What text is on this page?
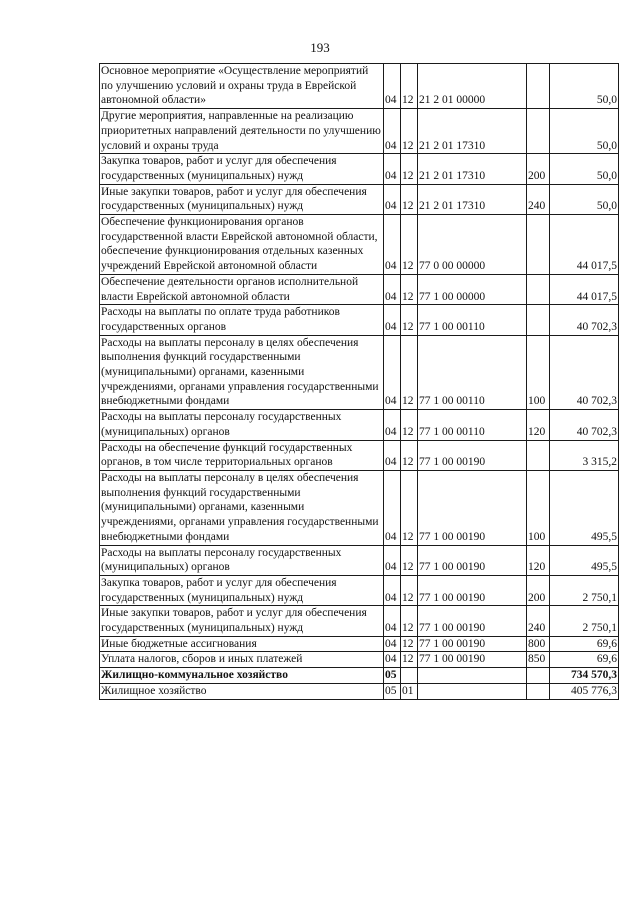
193
Основное мероприятие «Осуществление мероприятий по улучшению условий и охраны труда в Еврейской автономной области»	04	12	21 2 01 00000		50,0
Другие мероприятия, направленные на реализацию приоритетных направлений деятельности по улучшению условий и охраны труда	04	12	21 2 01 17310		50,0
Закупка товаров, работ и услуг для обеспечения государственных (муниципальных) нужд	04	12	21 2 01 17310	200	50,0
Иные закупки товаров, работ и услуг для обеспечения государственных (муниципальных) нужд	04	12	21 2 01 17310	240	50,0
Обеспечение функционирования органов государственной власти Еврейской автономной области, обеспечение функционирования отдельных казенных учреждений Еврейской автономной области	04	12	77 0 00 00000		44 017,5
Обеспечение деятельности органов исполнительной власти Еврейской автономной области	04	12	77 1 00 00000		44 017,5
Расходы на выплаты по оплате труда работников государственных органов	04	12	77 1 00 00110		40 702,3
Расходы на выплаты персоналу в целях обеспечения выполнения функций государственными (муниципальными) органами, казенными учреждениями, органами управления государственными внебюджетными фондами	04	12	77 1 00 00110	100	40 702,3
Расходы на выплаты персоналу государственных (муниципальных) органов	04	12	77 1 00 00110	120	40 702,3
Расходы на обеспечение функций государственных органов, в том числе территориальных органов	04	12	77 1 00 00190		3 315,2
Расходы на выплаты персоналу в целях обеспечения выполнения функций государственными (муниципальными) органами, казенными учреждениями, органами управления государственными внебюджетными фондами	04	12	77 1 00 00190	100	495,5
Расходы на выплаты персоналу государственных (муниципальных) органов	04	12	77 1 00 00190	120	495,5
Закупка товаров, работ и услуг для обеспечения государственных (муниципальных) нужд	04	12	77 1 00 00190	200	2 750,1
Иные закупки товаров, работ и услуг для обеспечения государственных (муниципальных) нужд	04	12	77 1 00 00190	240	2 750,1
Иные бюджетные ассигнования	04	12	77 1 00 00190	800	69,6
Уплата налогов, сборов и иных платежей	04	12	77 1 00 00190	850	69,6
Жилищно-коммунальное хозяйство	05				734 570,3
Жилищное хозяйство	05	01			405 776,3
